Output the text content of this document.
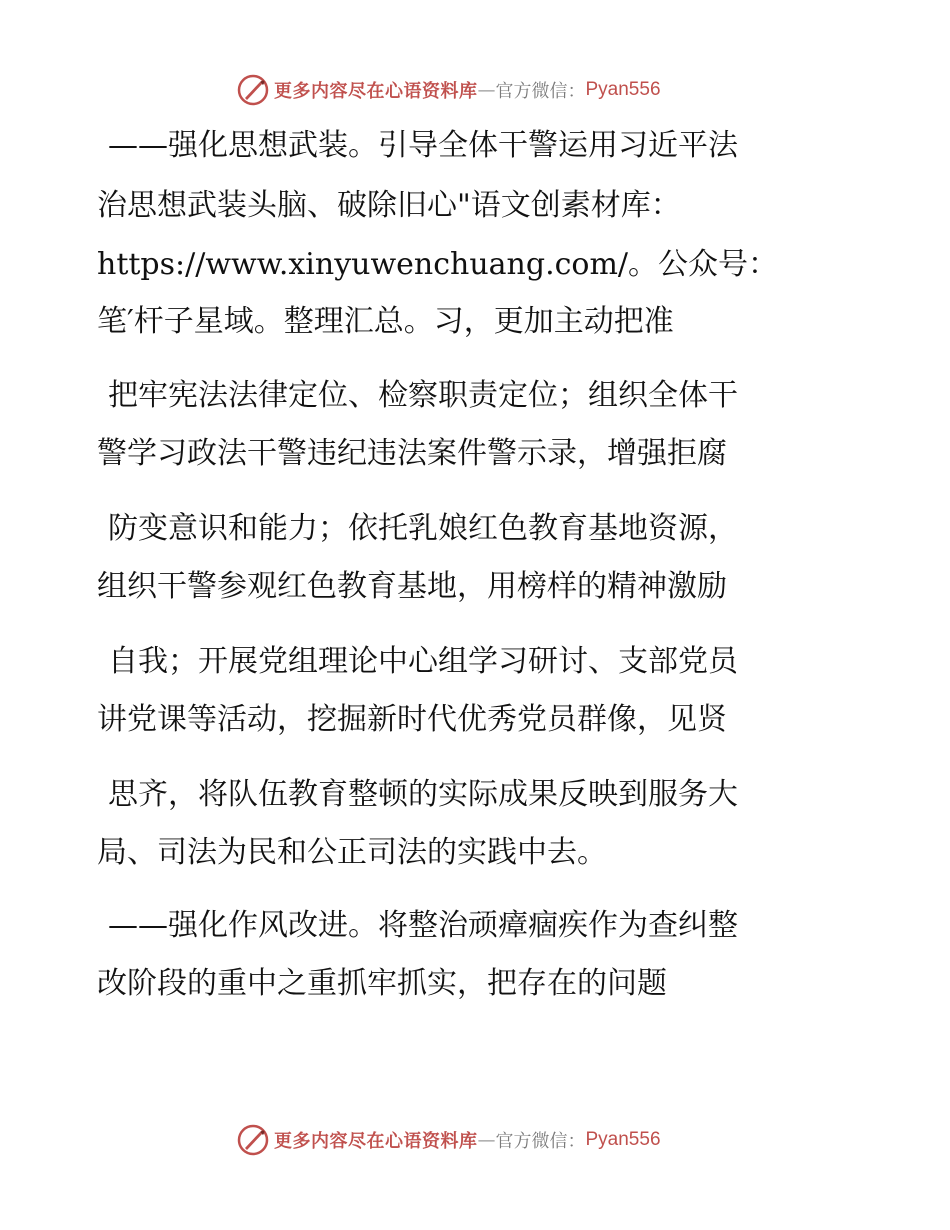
更多内容尽在心语资料库 — 官方微信： Pyan556
——强化思想武装。引导全体干警运用习近平法
治思想武装头脑、破除旧心"语文创素材库：
https://www.xinyuwenchuang.com/。公众号：
笔′杆子星域。整理汇总。习，更加主动把准
把牢宪法法律定位、检察职责定位；组织全体干
警学习政法干警违纪违法案件警示录，增强拒腐
防变意识和能力；依托乳娘红色教育基地资源，
组织干警参观红色教育基地，用榜样的精神激励
自我；开展党组理论中心组学习研讨、支部党员
讲党课等活动，挖掘新时代优秀党员群像，见贤
思齐，将队伍教育整顿的实际成果反映到服务大
局、司法为民和公正司法的实践中去。
——强化作风改进。将整治顽瘴痼疾作为查纠整
改阶段的重中之重抓牢抓实，把存在的问题
更多内容尽在心语资料库 — 官方微信： Pyan556
